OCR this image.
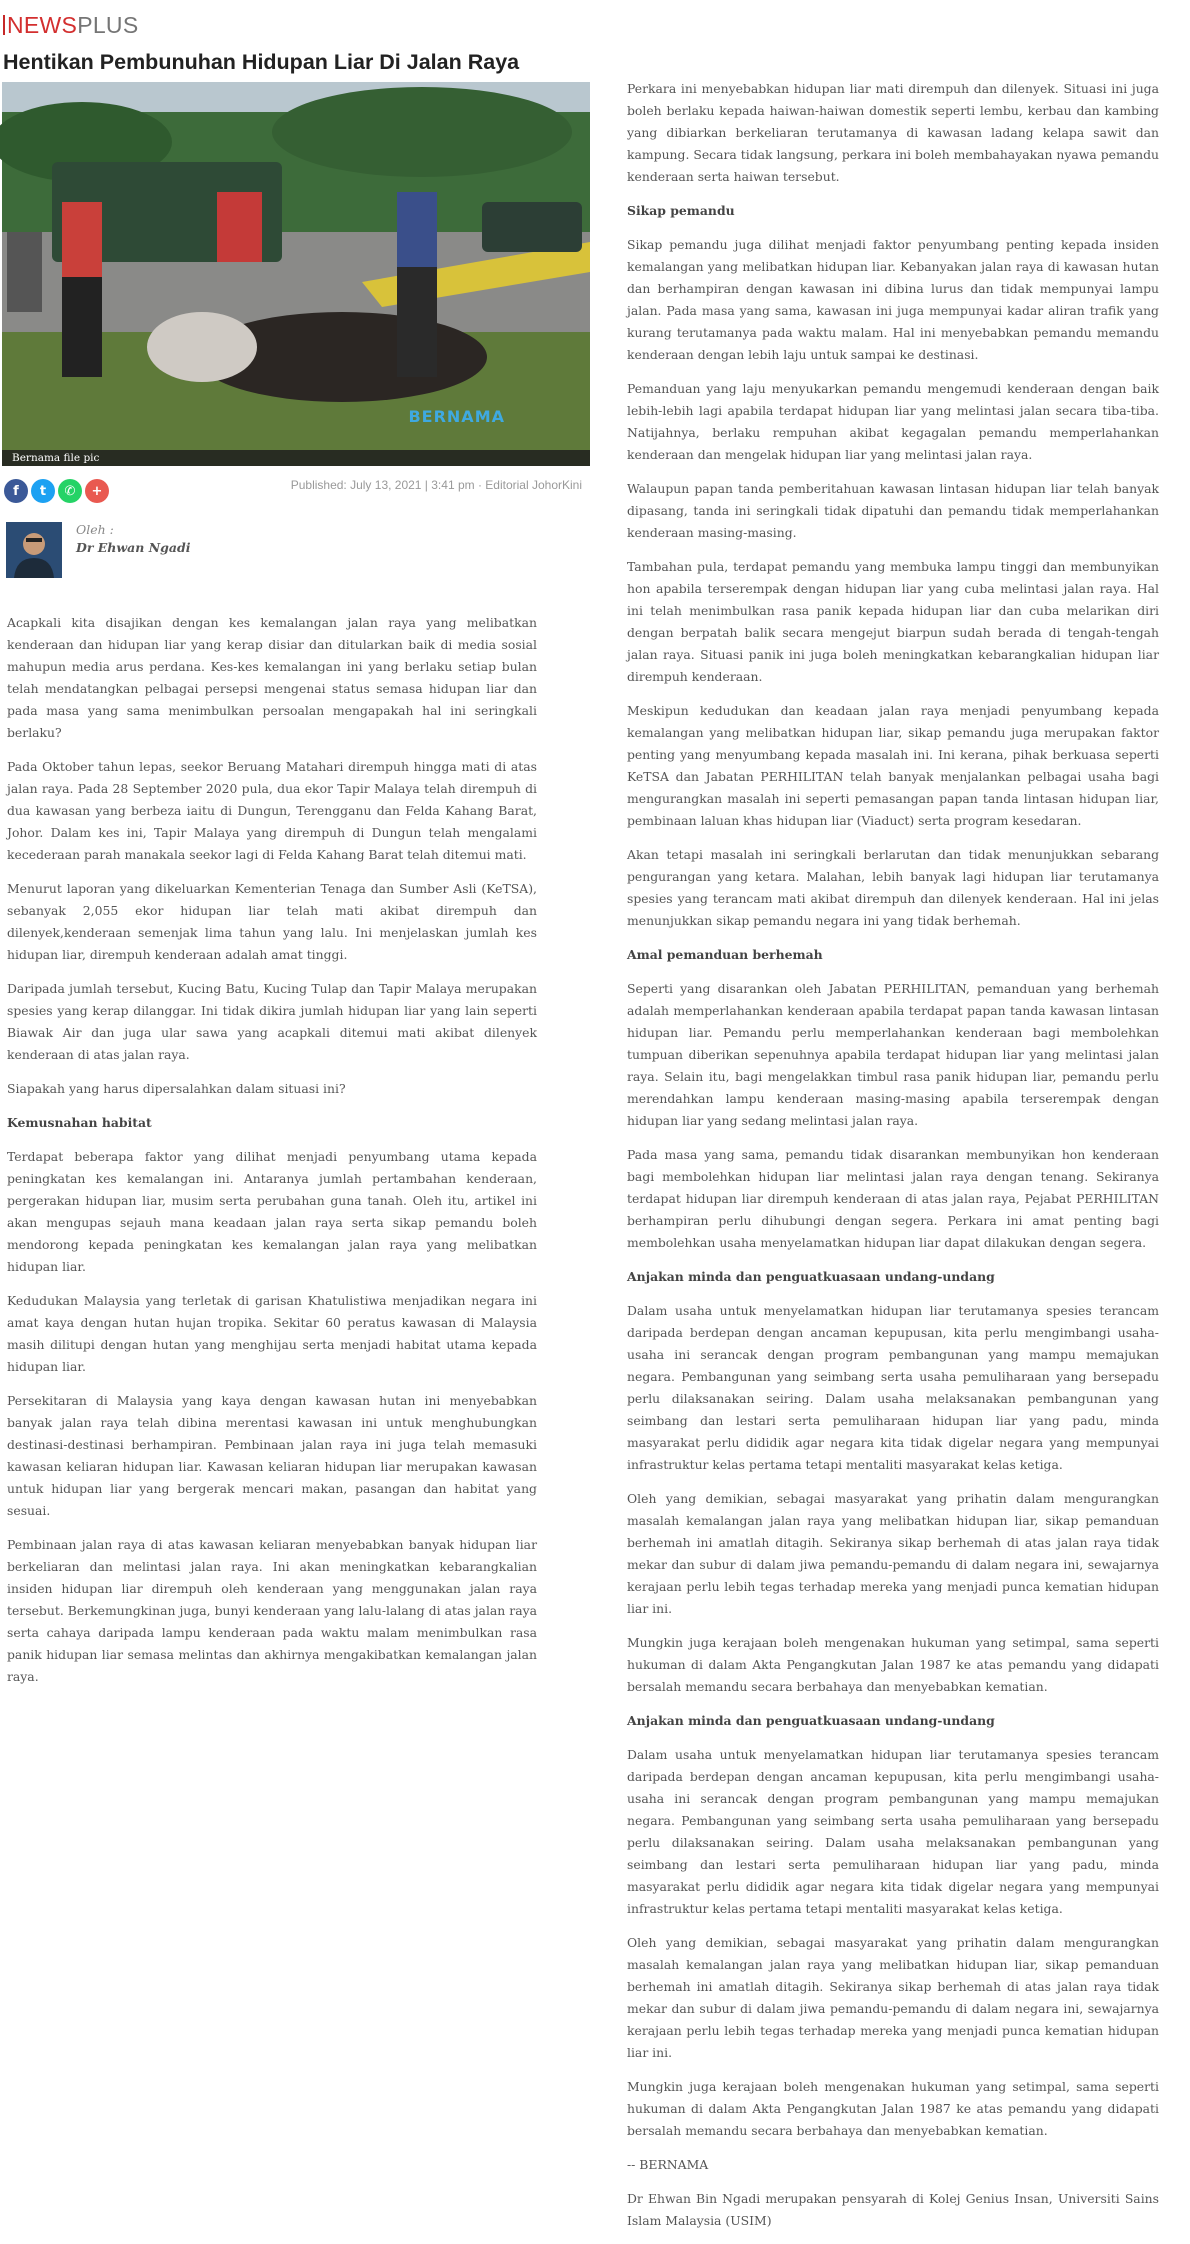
NEWSPLUS
Hentikan Pembunuhan Hidupan Liar Di Jalan Raya
BERNAMA
Bernama file pic
f	t	✆	+	Published: July 13, 2021 | 3:41 pm · Editorial JohorKini
Oleh :
Dr Ehwan Ngadi

Acapkali kita disajikan dengan kes kemalangan jalan raya yang melibatkan kenderaan dan hidupan liar yang kerap disiar dan ditularkan baik di media sosial mahupun media arus perdana. Kes-kes kemalangan ini yang berlaku setiap bulan telah mendatangkan pelbagai persepsi mengenai status semasa hidupan liar dan pada masa yang sama menimbulkan persoalan mengapakah hal ini seringkali berlaku?

Pada Oktober tahun lepas, seekor Beruang Matahari dirempuh hingga mati di atas jalan raya. Pada 28 September 2020 pula, dua ekor Tapir Malaya telah dirempuh di dua kawasan yang berbeza iaitu di Dungun, Terengganu dan Felda Kahang Barat, Johor. Dalam kes ini, Tapir Malaya yang dirempuh di Dungun telah mengalami kecederaan parah manakala seekor lagi di Felda Kahang Barat telah ditemui mati.

Menurut laporan yang dikeluarkan Kementerian Tenaga dan Sumber Asli (KeTSA), sebanyak 2,055 ekor hidupan liar telah mati akibat dirempuh dan dilenyek,kenderaan semenjak lima tahun yang lalu. Ini menjelaskan jumlah kes hidupan liar, dirempuh kenderaan adalah amat tinggi.

Daripada jumlah tersebut, Kucing Batu, Kucing Tulap dan Tapir Malaya merupakan spesies yang kerap dilanggar. Ini tidak dikira jumlah hidupan liar yang lain seperti Biawak Air dan juga ular sawa yang acapkali ditemui mati akibat dilenyek kenderaan di atas jalan raya.

Siapakah yang harus dipersalahkan dalam situasi ini?

Kemusnahan habitat

Terdapat beberapa faktor yang dilihat menjadi penyumbang utama kepada peningkatan kes kemalangan ini. Antaranya jumlah pertambahan kenderaan, pergerakan hidupan liar, musim serta perubahan guna tanah. Oleh itu, artikel ini akan mengupas sejauh mana keadaan jalan raya serta sikap pemandu boleh mendorong kepada peningkatan kes kemalangan jalan raya yang melibatkan hidupan liar.

Kedudukan Malaysia yang terletak di garisan Khatulistiwa menjadikan negara ini amat kaya dengan hutan hujan tropika. Sekitar 60 peratus kawasan di Malaysia masih dilitupi dengan hutan yang menghijau serta menjadi habitat utama kepada hidupan liar.

Persekitaran di Malaysia yang kaya dengan kawasan hutan ini menyebabkan banyak jalan raya telah dibina merentasi kawasan ini untuk menghubungkan destinasi-destinasi berhampiran. Pembinaan jalan raya ini juga telah memasuki kawasan keliaran hidupan liar. Kawasan keliaran hidupan liar merupakan kawasan untuk hidupan liar yang bergerak mencari makan, pasangan dan habitat yang sesuai.

Pembinaan jalan raya di atas kawasan keliaran menyebabkan banyak hidupan liar berkeliaran dan melintasi jalan raya. Ini akan meningkatkan kebarangkalian insiden hidupan liar dirempuh oleh kenderaan yang menggunakan jalan raya tersebut. Berkemungkinan juga, bunyi kenderaan yang lalu-lalang di atas jalan raya serta cahaya daripada lampu kenderaan pada waktu malam menimbulkan rasa panik hidupan liar semasa melintas dan akhirnya mengakibatkan kemalangan jalan raya.

Perkara ini menyebabkan hidupan liar mati dirempuh dan dilenyek. Situasi ini juga boleh berlaku kepada haiwan-haiwan domestik seperti lembu, kerbau dan kambing yang dibiarkan berkeliaran terutamanya di kawasan ladang kelapa sawit dan kampung. Secara tidak langsung, perkara ini boleh membahayakan nyawa pemandu kenderaan serta haiwan tersebut.

Sikap pemandu

Sikap pemandu juga dilihat menjadi faktor penyumbang penting kepada insiden kemalangan yang melibatkan hidupan liar. Kebanyakan jalan raya di kawasan hutan dan berhampiran dengan kawasan ini dibina lurus dan tidak mempunyai lampu jalan. Pada masa yang sama, kawasan ini juga mempunyai kadar aliran trafik yang kurang terutamanya pada waktu malam. Hal ini menyebabkan pemandu memandu kenderaan dengan lebih laju untuk sampai ke destinasi.

Pemanduan yang laju menyukarkan pemandu mengemudi kenderaan dengan baik lebih-lebih lagi apabila terdapat hidupan liar yang melintasi jalan secara tiba-tiba. Natijahnya, berlaku rempuhan akibat kegagalan pemandu memperlahankan kenderaan dan mengelak hidupan liar yang melintasi jalan raya.

Walaupun papan tanda pemberitahuan kawasan lintasan hidupan liar telah banyak dipasang, tanda ini seringkali tidak dipatuhi dan pemandu tidak memperlahankan kenderaan masing-masing.

Tambahan pula, terdapat pemandu yang membuka lampu tinggi dan membunyikan hon apabila terserempak dengan hidupan liar yang cuba melintasi jalan raya. Hal ini telah menimbulkan rasa panik kepada hidupan liar dan cuba melarikan diri dengan berpatah balik secara mengejut biarpun sudah berada di tengah-tengah jalan raya. Situasi panik ini juga boleh meningkatkan kebarangkalian hidupan liar dirempuh kenderaan.

Meskipun kedudukan dan keadaan jalan raya menjadi penyumbang kepada kemalangan yang melibatkan hidupan liar, sikap pemandu juga merupakan faktor penting yang menyumbang kepada masalah ini. Ini kerana, pihak berkuasa seperti KeTSA dan Jabatan PERHILITAN telah banyak menjalankan pelbagai usaha bagi mengurangkan masalah ini seperti pemasangan papan tanda lintasan hidupan liar, pembinaan laluan khas hidupan liar (Viaduct) serta program kesedaran.

Akan tetapi masalah ini seringkali berlarutan dan tidak menunjukkan sebarang pengurangan yang ketara. Malahan, lebih banyak lagi hidupan liar terutamanya spesies yang terancam mati akibat dirempuh dan dilenyek kenderaan. Hal ini jelas menunjukkan sikap pemandu negara ini yang tidak berhemah.

Amal pemanduan berhemah

Seperti yang disarankan oleh Jabatan PERHILITAN, pemanduan yang berhemah adalah memperlahankan kenderaan apabila terdapat papan tanda kawasan lintasan hidupan liar. Pemandu perlu memperlahankan kenderaan bagi membolehkan tumpuan diberikan sepenuhnya apabila terdapat hidupan liar yang melintasi jalan raya. Selain itu, bagi mengelakkan timbul rasa panik hidupan liar, pemandu perlu merendahkan lampu kenderaan masing-masing apabila terserempak dengan hidupan liar yang sedang melintasi jalan raya.

Pada masa yang sama, pemandu tidak disarankan membunyikan hon kenderaan bagi membolehkan hidupan liar melintasi jalan raya dengan tenang. Sekiranya terdapat hidupan liar dirempuh kenderaan di atas jalan raya, Pejabat PERHILITAN berhampiran perlu dihubungi dengan segera. Perkara ini amat penting bagi membolehkan usaha menyelamatkan hidupan liar dapat dilakukan dengan segera.

Anjakan minda dan penguatkuasaan undang-undang

Dalam usaha untuk menyelamatkan hidupan liar terutamanya spesies terancam daripada berdepan dengan ancaman kepupusan, kita perlu mengimbangi usaha-usaha ini serancak dengan program pembangunan yang mampu memajukan negara. Pembangunan yang seimbang serta usaha pemuliharaan yang bersepadu perlu dilaksanakan seiring. Dalam usaha melaksanakan pembangunan yang seimbang dan lestari serta pemuliharaan hidupan liar yang padu, minda masyarakat perlu dididik agar negara kita tidak digelar negara yang mempunyai infrastruktur kelas pertama tetapi mentaliti masyarakat kelas ketiga.

Oleh yang demikian, sebagai masyarakat yang prihatin dalam mengurangkan masalah kemalangan jalan raya yang melibatkan hidupan liar, sikap pemanduan berhemah ini amatlah ditagih. Sekiranya sikap berhemah di atas jalan raya tidak mekar dan subur di dalam jiwa pemandu-pemandu di dalam negara ini, sewajarnya kerajaan perlu lebih tegas terhadap mereka yang menjadi punca kematian hidupan liar ini.

Mungkin juga kerajaan boleh mengenakan hukuman yang setimpal, sama seperti hukuman di dalam Akta Pengangkutan Jalan 1987 ke atas pemandu yang didapati bersalah memandu secara berbahaya dan menyebabkan kematian.

Anjakan minda dan penguatkuasaan undang-undang

Dalam usaha untuk menyelamatkan hidupan liar terutamanya spesies terancam daripada berdepan dengan ancaman kepupusan, kita perlu mengimbangi usaha-usaha ini serancak dengan program pembangunan yang mampu memajukan negara. Pembangunan yang seimbang serta usaha pemuliharaan yang bersepadu perlu dilaksanakan seiring. Dalam usaha melaksanakan pembangunan yang seimbang dan lestari serta pemuliharaan hidupan liar yang padu, minda masyarakat perlu dididik agar negara kita tidak digelar negara yang mempunyai infrastruktur kelas pertama tetapi mentaliti masyarakat kelas ketiga.

Oleh yang demikian, sebagai masyarakat yang prihatin dalam mengurangkan masalah kemalangan jalan raya yang melibatkan hidupan liar, sikap pemanduan berhemah ini amatlah ditagih. Sekiranya sikap berhemah di atas jalan raya tidak mekar dan subur di dalam jiwa pemandu-pemandu di dalam negara ini, sewajarnya kerajaan perlu lebih tegas terhadap mereka yang menjadi punca kematian hidupan liar ini.

Mungkin juga kerajaan boleh mengenakan hukuman yang setimpal, sama seperti hukuman di dalam Akta Pengangkutan Jalan 1987 ke atas pemandu yang didapati bersalah memandu secara berbahaya dan menyebabkan kematian.

-- BERNAMA

Dr Ehwan Bin Ngadi merupakan pensyarah di Kolej Genius Insan, Universiti Sains Islam Malaysia (USIM)
